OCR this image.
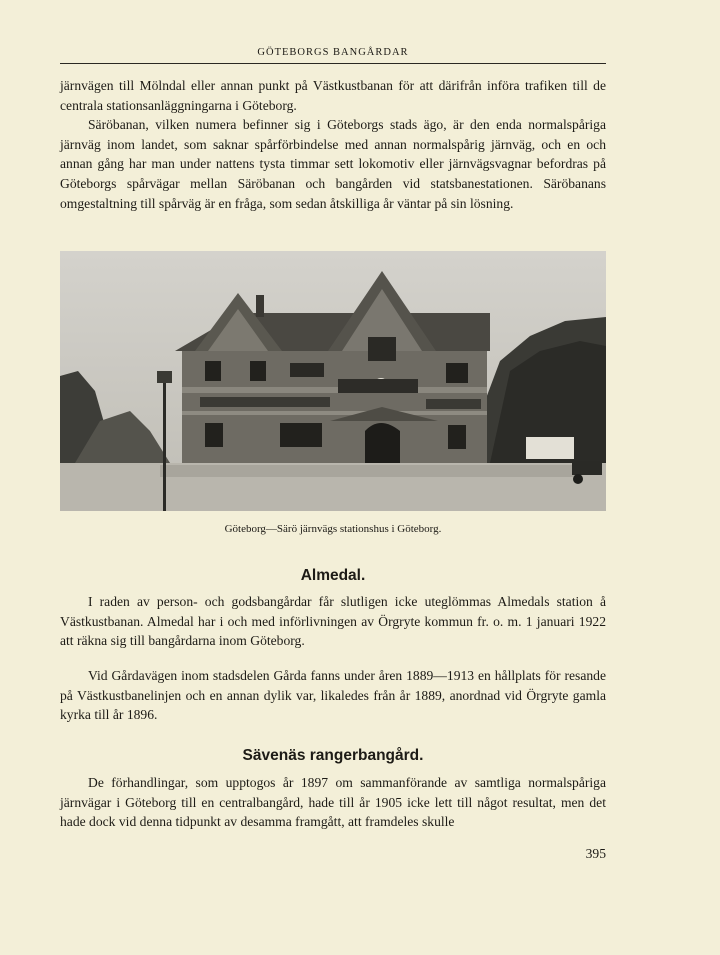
GÖTEBORGS BANGÅRDAR

järnvägen till Mölndal eller annan punkt på Västkustbanan för att därifrån införa trafiken till de centrala stationsanläggningarna i Göteborg.

Säröbanan, vilken numera befinner sig i Göteborgs stads ägo, är den enda normalspåriga järnväg inom landet, som saknar spårförbindelse med annan normalspårig järnväg, och en och annan gång har man under nattens tysta timmar sett lokomotiv eller järnvägsvagnar befordras på Göteborgs spårvägar mellan Säröbanan och bangården vid statsbanestationen. Säröbanans omgestaltning till spårväg är en fråga, som sedan åtskilliga år väntar på sin lösning.

Göteborg—Särö järnvägs stationshus i Göteborg.
Almedal.

I raden av person- och godsbangårdar får slutligen icke uteglömmas Almedals station å Västkustbanan. Almedal har i och med införlivningen av Örgryte kommun fr. o. m. 1 januari 1922 att räkna sig till bangårdarna inom Göteborg.

Vid Gårdavägen inom stadsdelen Gårda fanns under åren 1889—1913 en hållplats för resande på Västkustbanelinjen och en annan dylik var, likaledes från år 1889, anordnad vid Örgryte gamla kyrka till år 1896.

Sävenäs rangerbangård.

De förhandlingar, som upptogos år 1897 om sammanförande av samtliga normalspåriga järnvägar i Göteborg till en centralbangård, hade till år 1905 icke lett till något resultat, men det hade dock vid denna tidpunkt av desamma framgått, att framdeles skulle

395
